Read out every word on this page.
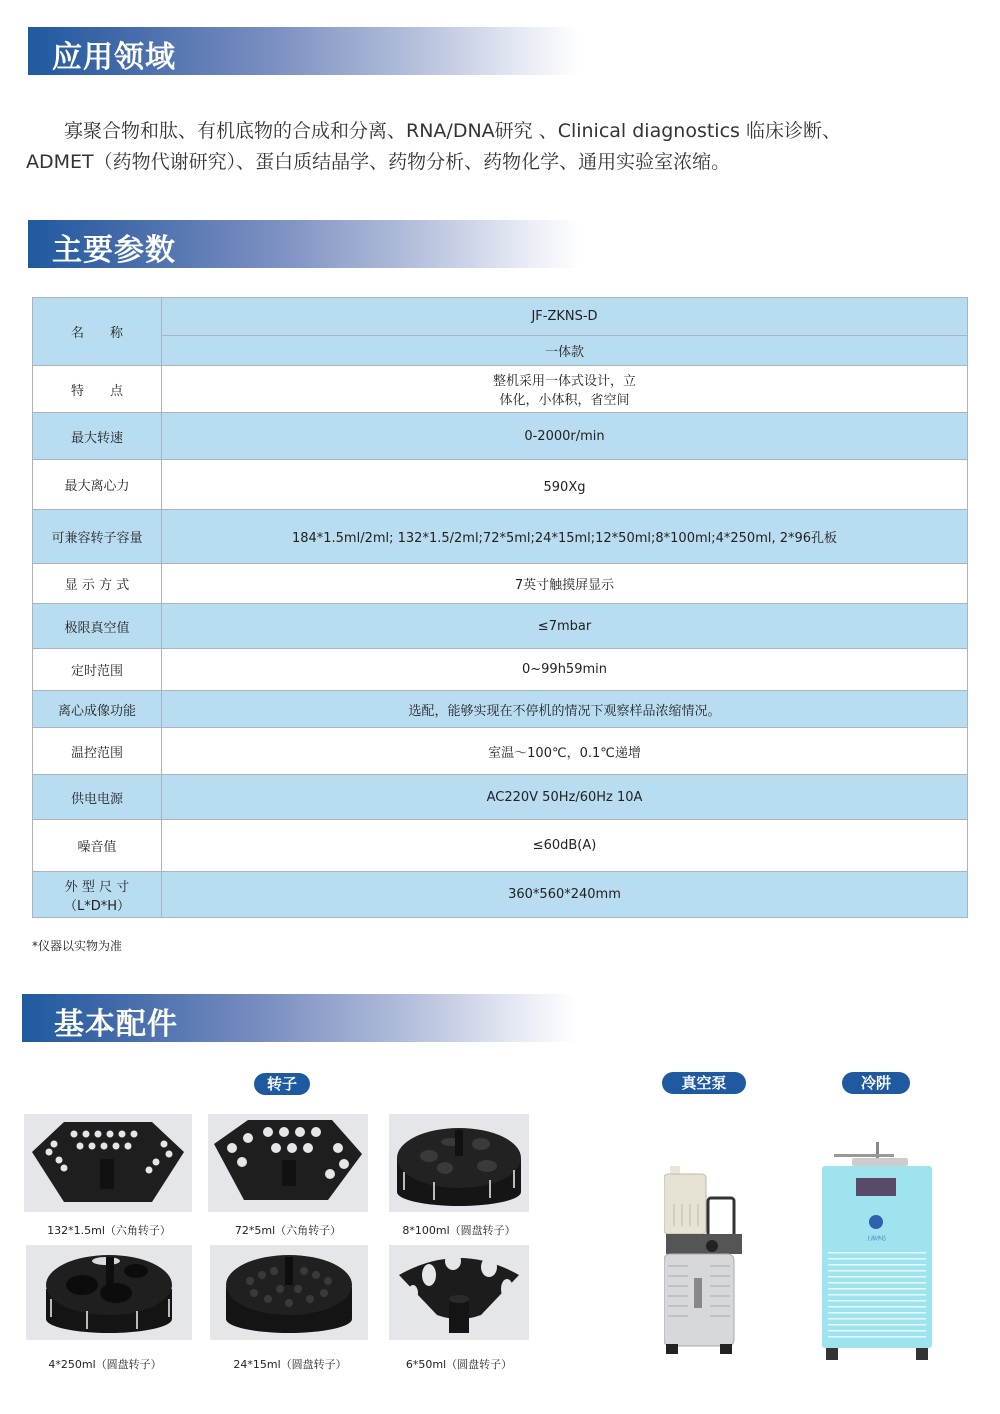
应用领域
寡聚合物和肽、有机底物的合成和分离、RNA/DNA研究 、Clinical diagnostics 临床诊断、
ADMET（药物代谢研究）、蛋白质结晶学、药物分析、药物化学、通用实验室浓缩。
主要参数
名　　称	JF-ZKNS-D
	一体款
特　　点	整机采用一体式设计，立
体化，小体积，省空间

最大转速	0-2000r/min
最大离心力	590Xg
可兼容转子容量	184*1.5ml/2ml; 132*1.5/2ml;72*5ml;24*15ml;12*50ml;8*100ml;4*250ml, 2*96孔板
显 示 方 式	7英寸触摸屏显示
极限真空值	≤7mbar
定时范围	0~99h59min
离心成像功能	选配，能够实现在不停机的情况下观察样品浓缩情况。
温控范围	室温～100℃，0.1℃递增
供电电源	AC220V 50Hz/60Hz 10A
噪音值	≤60dB(A)

外 型 尺 寸
（L*D*H）	360*560*240mm
*仪器以实物为准
基本配件
转子	真空泵	冷阱
132*1.5ml（六角转子）	72*5ml（六角转子）	8*100ml（圆盘转子）
4*250ml（圆盘转子）	24*15ml（圆盘转子）	6*50ml（圆盘转子）
上海净芯
